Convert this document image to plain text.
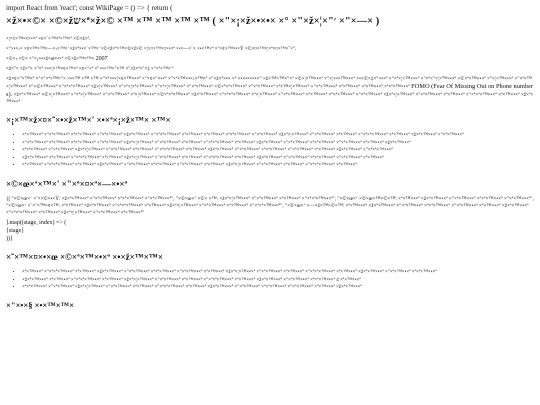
import React from 'react'; const WikiPage = () => { return (
×ž×•×©× ×©×žש×ª×ž×© ×™ ×™ ×™ ×™ ×™ ( ×"×¡×ž×•×•× ×° ×"×ž×¦×"׳ ×"×—× )

×¦×¤×™×¤×•×ª ×¢×¨×™×ª×™×ª ×©×ž×ª.

×"×•×›× ×¢×™×™×—×›×™×' ×ž×ª×•×¨×™×' ×©×ž×ª×™×©×ž×© ×¦×¤×™×¤×•×ª ×•×—×¨× ×•×™×ª ×"×¢×™×•×Ÿ ×©×¤×™×¦×ª×¤×™×˜×”.

×©×› ×©× ×"×¡×•×ž×œ×•×ª ×©×ž×™×™× 2007

×ž×"× ×ž×"× ×"×ª ×•×¦×™×¢×™×ª ×¢×"×ª ×"×•×™×"×™ ×"×ž×ª×"×‡ ×"×ª×™×"׳

×ž×¢×"×™×ª ×"×"×ª×™×"× ×•×™ ×™ ×™ ×"×ª×•×¦×¢×™×•×ª ×"×¢×"×•×ª ×"×ª×™×•×›×™×ª ×"×ž×ª×•× ×ª ×•×•×•×•×" ×ž×™×™×"×ª ×©×¦×™×•×ª ×"×¦×•×™×•×ª ×•×©×‡×"×•×ª ×"×ª×¦×™×•×ª ×"×ª×"×¦×™×•×ª ×©×ª×™×•×ª ×"×¦×™×•×ª ×"×ª×™×¦×™×•×ª ×"×©×™×•×ª ×"×ª×ª×™×•×ª ×ž×¦×™×•×ª ×"×ª×¦×ª×™×•×ª ×"×ª×¦×™×•×ª ×"×ª×™×•×ª ×©×ª×ª×™×•×ª ×"×ª×™×•×ª ×ª×™×¦×™×•×ª ×"×ª×™×•×ª ×ª×™×•×ª ×ª×™×•×ª ×ª×ª×™×•×ª FOMO (Fear Of Missing Out on Phone numbers). ×ž×ª×™×•×ª ×©×¦×™×•×ª ×"×ª×¦×™×•×ª ×"×ª×™×•×ª ×ª×¦×™×•×ª ×©×ª×ª×™×•×ª ×ž×ª×™×•×ª ×"×ª×ª×™×•×ª ×ª×¦×™×•×ª ×"×ª×™×•×ª ×ª×™×•×ª ×ª×ª×™×•×ª ×"×ª×™×•×ª ×ž×ª×¦×™×•×ª ×"×ª×™×•×ª ×ª×™×•×ª ×"×ª×ª×™×•×ª ×ª×™×•×ª ×ž×ª×™×•×ª

×¡×™×ž×¤×˜×•×ž×™×' ×•×ª×¡×ž×™× ×™×
• ×ª×™×•×ª ×"×ª×™×•×ª ×ª×ª×™×•×ª ×"×ª×™×•×ª ×ž×ª×™×•×ª ×"×ª×ª×™×•×ª ×ª×™×•×ª ×ª×™×•×ª ×ª×ª×™×•×ª ×"×ª×™×•×ª ×ž×ª×¦×™×•×ª ×"×ª×™×•×ª ×ª×™×•×ª ×"×ª×ª×™×•×ª ×ª×™×•×ª ×ž×ª×™×•×ª ×"×ª×™×•×ª
• ×"×ª×™×•×ª ×ª×™×•×ª ×ª×ª×™×•×ª ×"×ª×™×•×ª ×ž×ª×¦×™×•×ª ×"×ª×™×•×ª ×ª×™×•×ª ×"×ª×ª×™×•×ª ×ª×™×•×ª ×ž×ª×™×•×ª ×"×ª×™×•×ª ×ª×ª×™×•×ª ×"×ª×™×•×ª ×ª×™×•×ª ×ž×ª×™×•×ª
• ×ª×ª×™×•×ª ×"×ª×™×•×ª ×ž×ª×¦×™×•×ª ×"×ª×™×•×ª ×ª×™×•×ª ×"×ª×ª×™×•×ª ×ª×™×•×ª ×ž×ª×™×•×ª ×"×ª×™×•×ª ×ª×ª×™×•×ª ×"×ª×™×•×ª ×ª×™×•×ª ×ž×ª×™×•×ª ×"×ª×ª×™×•×ª
• ×ž×ª×™×•×ª ×ª×™×•×ª ×"×ª×ª×™×•×ª ×ª×™×•×ª ×ž×ª×¦×™×•×ª ×"×ª×™×•×ª ×ª×™×•×ª ×"×ª×ª×™×•×ª ×ª×™×•×ª ×ž×ª×™×•×ª ×"×ª×™×•×ª ×ª×ª×™×•×ª ×"×ª×™×•×ª ×ª×™×•×ª
• ×ª×™×•×ª ×"×ª×ª×™×•×ª ×ª×™×•×ª ×ž×ª×™×•×ª ×"×ª×™×•×ª ×ª×ª×™×•×ª ×"×ª×™×•×ª ×ª×™×•×ª ×ž×ª×¦×™×•×ª ×"×ª×™×•×ª ×ª×™×•×ª ×"×ª×ª×™×•×ª ×ª×™×•×ª
×©×œ×‘×™×' ×"×ª×¤×ª×—×•×ª
{[ "×©×œ×‘ ×¨××©×•×Ÿ: ×ž×ª×™×•×ª ×"×ª×™×•×ª ×ª×ª×™×•×ª ×"×ª×™×•×ª", "×©×œ×‘ ×©× ×™: ×ž×ª×¦×™×•×ª ×"×ª×™×•×ª ×ª×™×•×ª ×"×ª×ª×™×•×ª", "×©×œ×‘ ×©×œ×™×©×™: ×ª×™×•×ª ×ž×ª×™×•×ª ×"×ª×™×•×ª ×ª×ª×™×•×ª ×"×ª×™×•×ª", "×©×œ×‘ ×¨×‘×™×¢×™: ×ª×™×•×ª ×ž×ª×™×•×ª ×"×ª×ª×™×•×ª ×ª×™×•×ª ×ž×ª×¦×™×•×ª ×"×ª×™×•×ª ×ª×™×•×ª ×"×ª×ª×™×•×ª", "×©×œ×‘ ×—×ž×™×©×™: ×ª×™×•×ª ×ž×ª×™×•×ª ×"×ª×™×•×ª ×ª×ª×™×•×ª ×"×ª×™×•×ª ×ª×™×•×ª ×ž×ª×™×•×ª ×"×ª×ª×™×•×ª ×ª×™×•×ª ×ž×ª×¦×™×•×ª ×"×ª×™×•×ª ×ª×™×•×ª"
].map((stage, index) => (
{stage}
))}
×˜×™×¤×•×œ ×©×ª×™×•×ª ×•×ž×™×™×
• ×ª×™×•×ª ×"×ª×ª×™×•×ª ×ª×™×•×ª ×ž×ª×™×•×ª ×"×ª×™×•×ª ×ª×ª×™×•×ª ×"×ª×™×•×ª ×ª×™×•×ª ×ž×ª×¦×™×•×ª ×"×ª×™×•×ª ×ª×™×•×ª ×"×ª×ª×™×•×ª ×ª×™×•×ª ×ž×ª×™×•×ª ×"×ª×™×•×ª ×ª×ª×™×•×ª
• ×ž×ª×™×•×ª ×ª×™×•×ª ×"×ª×ª×™×•×ª ×ª×™×•×ª ×ž×ª×¦×™×•×ª ×"×ª×™×•×ª ×ª×™×•×ª ×"×ª×ª×™×•×ª ×ª×™×•×ª ×ž×ª×™×•×ª ×"×ª×™×•×ª ×ª×ª×™×•×ª 4 ×ª×™×•×ª
• ×ª×ª×™×•×ª ×"×ª×™×•×ª ×ž×ª×¦×™×•×ª ×"×ª×™×•×ª ×ª×™×•×ª ×"×ª×ª×™×•×ª ×ª×™×•×ª ×ž×ª×™×•×ª ×"×ª×™×•×ª ×ª×ª×™×•×ª ×"×ª×™×•×ª ×ª×™×•×ª ×ž×ª×™×•×ª
×"×•×§ ×•×™×™×
